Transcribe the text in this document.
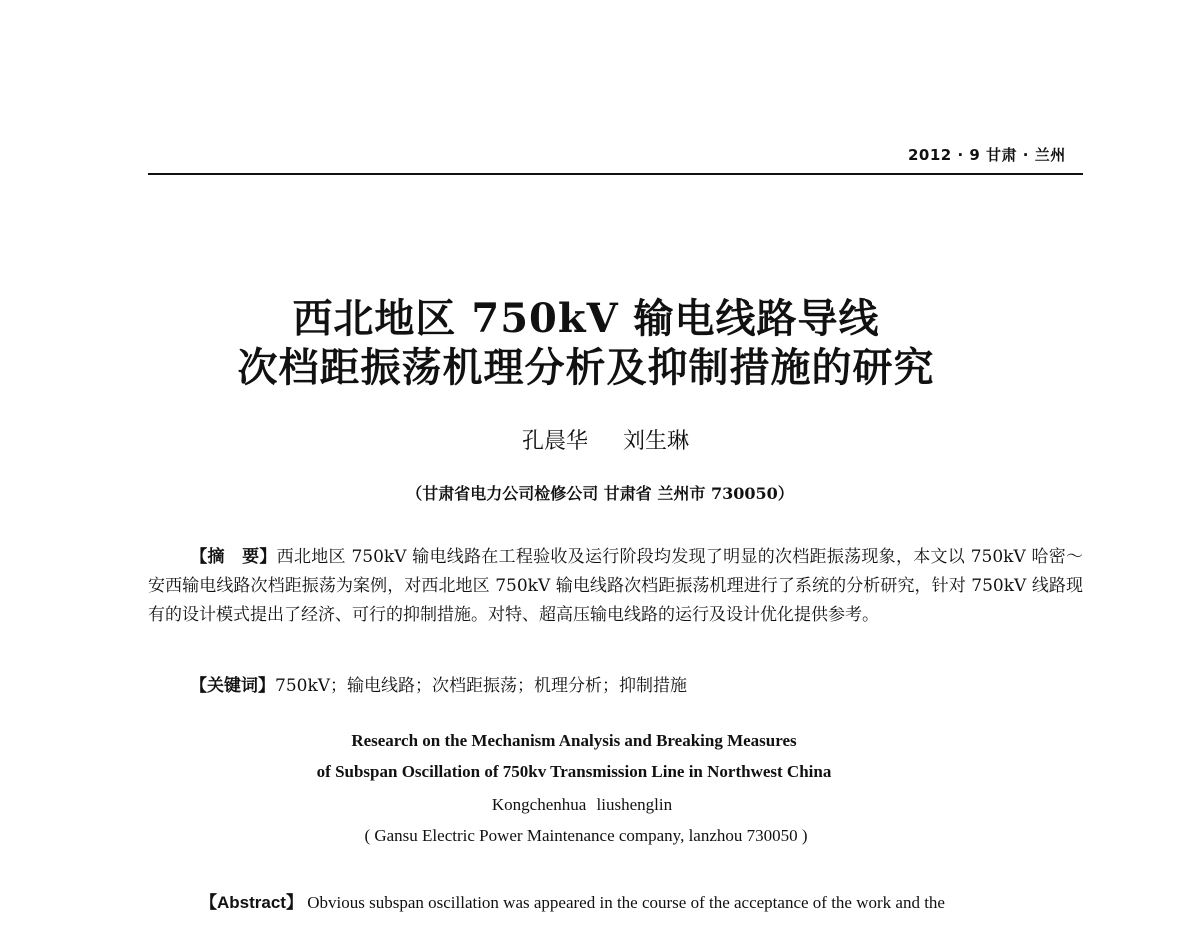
2012 · 9 甘肃 · 兰州
西北地区 750kV 输电线路导线
次档距振荡机理分析及抑制措施的研究
孔晨华 刘生琳
（甘肃省电力公司检修公司 甘肃省 兰州市 730050）
【摘　要】西北地区 750kV 输电线路在工程验收及运行阶段均发现了明显的次档距振荡现象，本文以 750kV 哈密～安西输电线路次档距振荡为案例，对西北地区 750kV 输电线路次档距振荡机理进行了系统的分析研究，针对 750kV 线路现有的设计模式提出了经济、可行的抑制措施。对特、超高压输电线路的运行及设计优化提供参考。
【关键词】750kV；输电线路；次档距振荡；机理分析；抑制措施
Research on the Mechanism Analysis and Breaking Measures
of Subspan Oscillation of 750kv Transmission Line in Northwest China
Kongchenhua liushenglin
( Gansu Electric Power Maintenance company, lanzhou 730050 )
【Abstract】 Obvious subspan oscillation was appeared in the course of the acceptance of the work and the
